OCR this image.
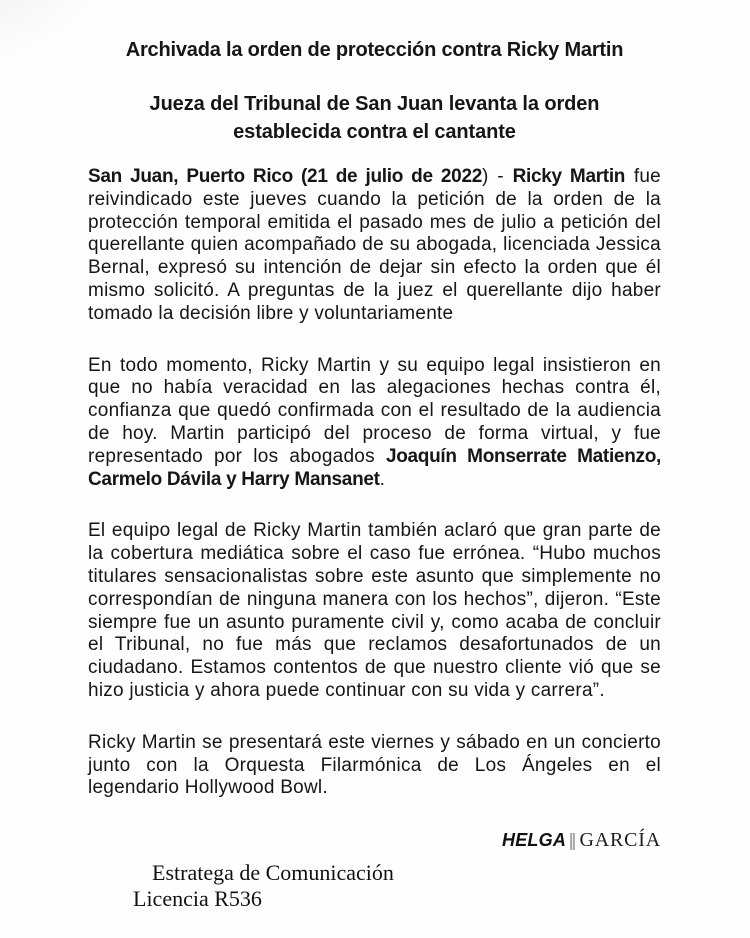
Archivada la orden de protección contra Ricky Martin
Jueza del Tribunal de San Juan levanta la orden establecida contra el cantante

San Juan, Puerto Rico (21 de julio de 2022) - Ricky Martin fue reivindicado este jueves cuando la petición de la orden de la protección temporal emitida el pasado mes de julio a petición del querellante quien acompañado de su abogada, licenciada Jessica Bernal, expresó su intención de dejar sin efecto la orden que él mismo solicitó. A preguntas de la juez el querellante dijo haber tomado la decisión libre y voluntariamente

En todo momento, Ricky Martin y su equipo legal insistieron en que no había veracidad en las alegaciones hechas contra él, confianza que quedó confirmada con el resultado de la audiencia de hoy. Martin participó del proceso de forma virtual, y fue representado por los abogados Joaquín Monserrate Matienzo, Carmelo Dávila y Harry Mansanet.

El equipo legal de Ricky Martin también aclaró que gran parte de la cobertura mediática sobre el caso fue errónea. “Hubo muchos titulares sensacionalistas sobre este asunto que simplemente no correspondían de ninguna manera con los hechos”, dijeron. “Este siempre fue un asunto puramente civil y, como acaba de concluir el Tribunal, no fue más que reclamos desafortunados de un ciudadano. Estamos contentos de que nuestro cliente vió que se hizo justicia y ahora puede continuar con su vida y carrera”.

Ricky Martin se presentará este viernes y sábado en un concierto junto con la Orquesta Filarmónica de Los Ángeles en el legendario Hollywood Bowl.

HELGA ‖ GARCÍA
Estratega de Comunicación
Licencia R536
